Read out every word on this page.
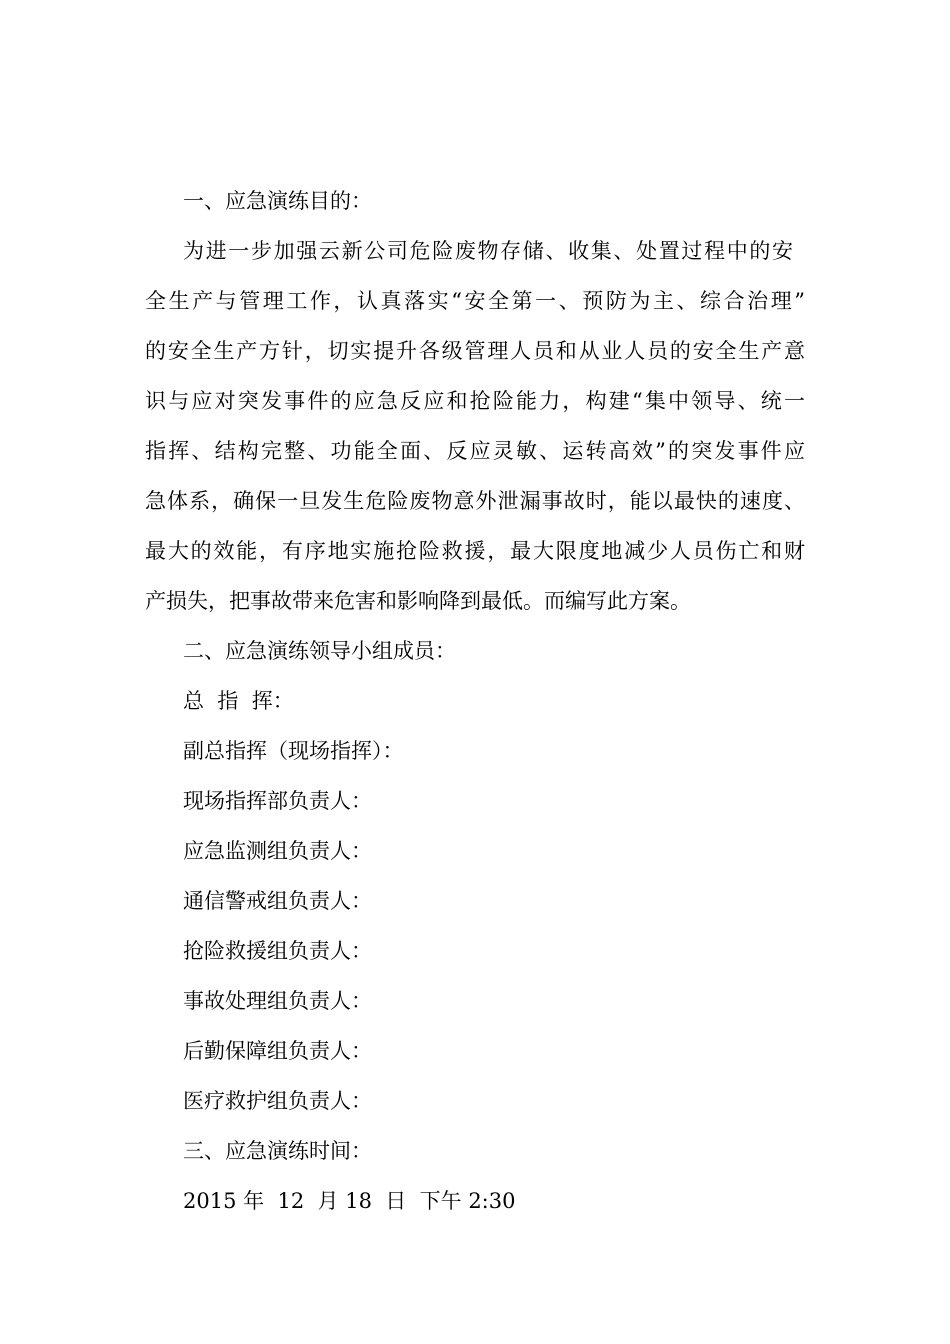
一、应急演练目的：
为进一步加强云新公司危险废物存储、收集、处置过程中的安
全生产与管理工作，认真落实“安全第一、预防为主、综合治理”
的安全生产方针，切实提升各级管理人员和从业人员的安全生产意
识与应对突发事件的应急反应和抢险能力，构建“集中领导、统一
指挥、结构完整、功能全面、反应灵敏、运转高效”的突发事件应
急体系，确保一旦发生危险废物意外泄漏事故时，能以最快的速度、
最大的效能，有序地实施抢险救援，最大限度地减少人员伤亡和财
产损失，把事故带来危害和影响降到最低。而编写此方案。
二、应急演练领导小组成员：
总  指  挥：
副总指挥（现场指挥）：
现场指挥部负责人：
应急监测组负责人：
通信警戒组负责人：
抢险救援组负责人：
事故处理组负责人：
后勤保障组负责人：
医疗救护组负责人：
三、应急演练时间：
2015 年  12  月 18  日  下午 2:30
